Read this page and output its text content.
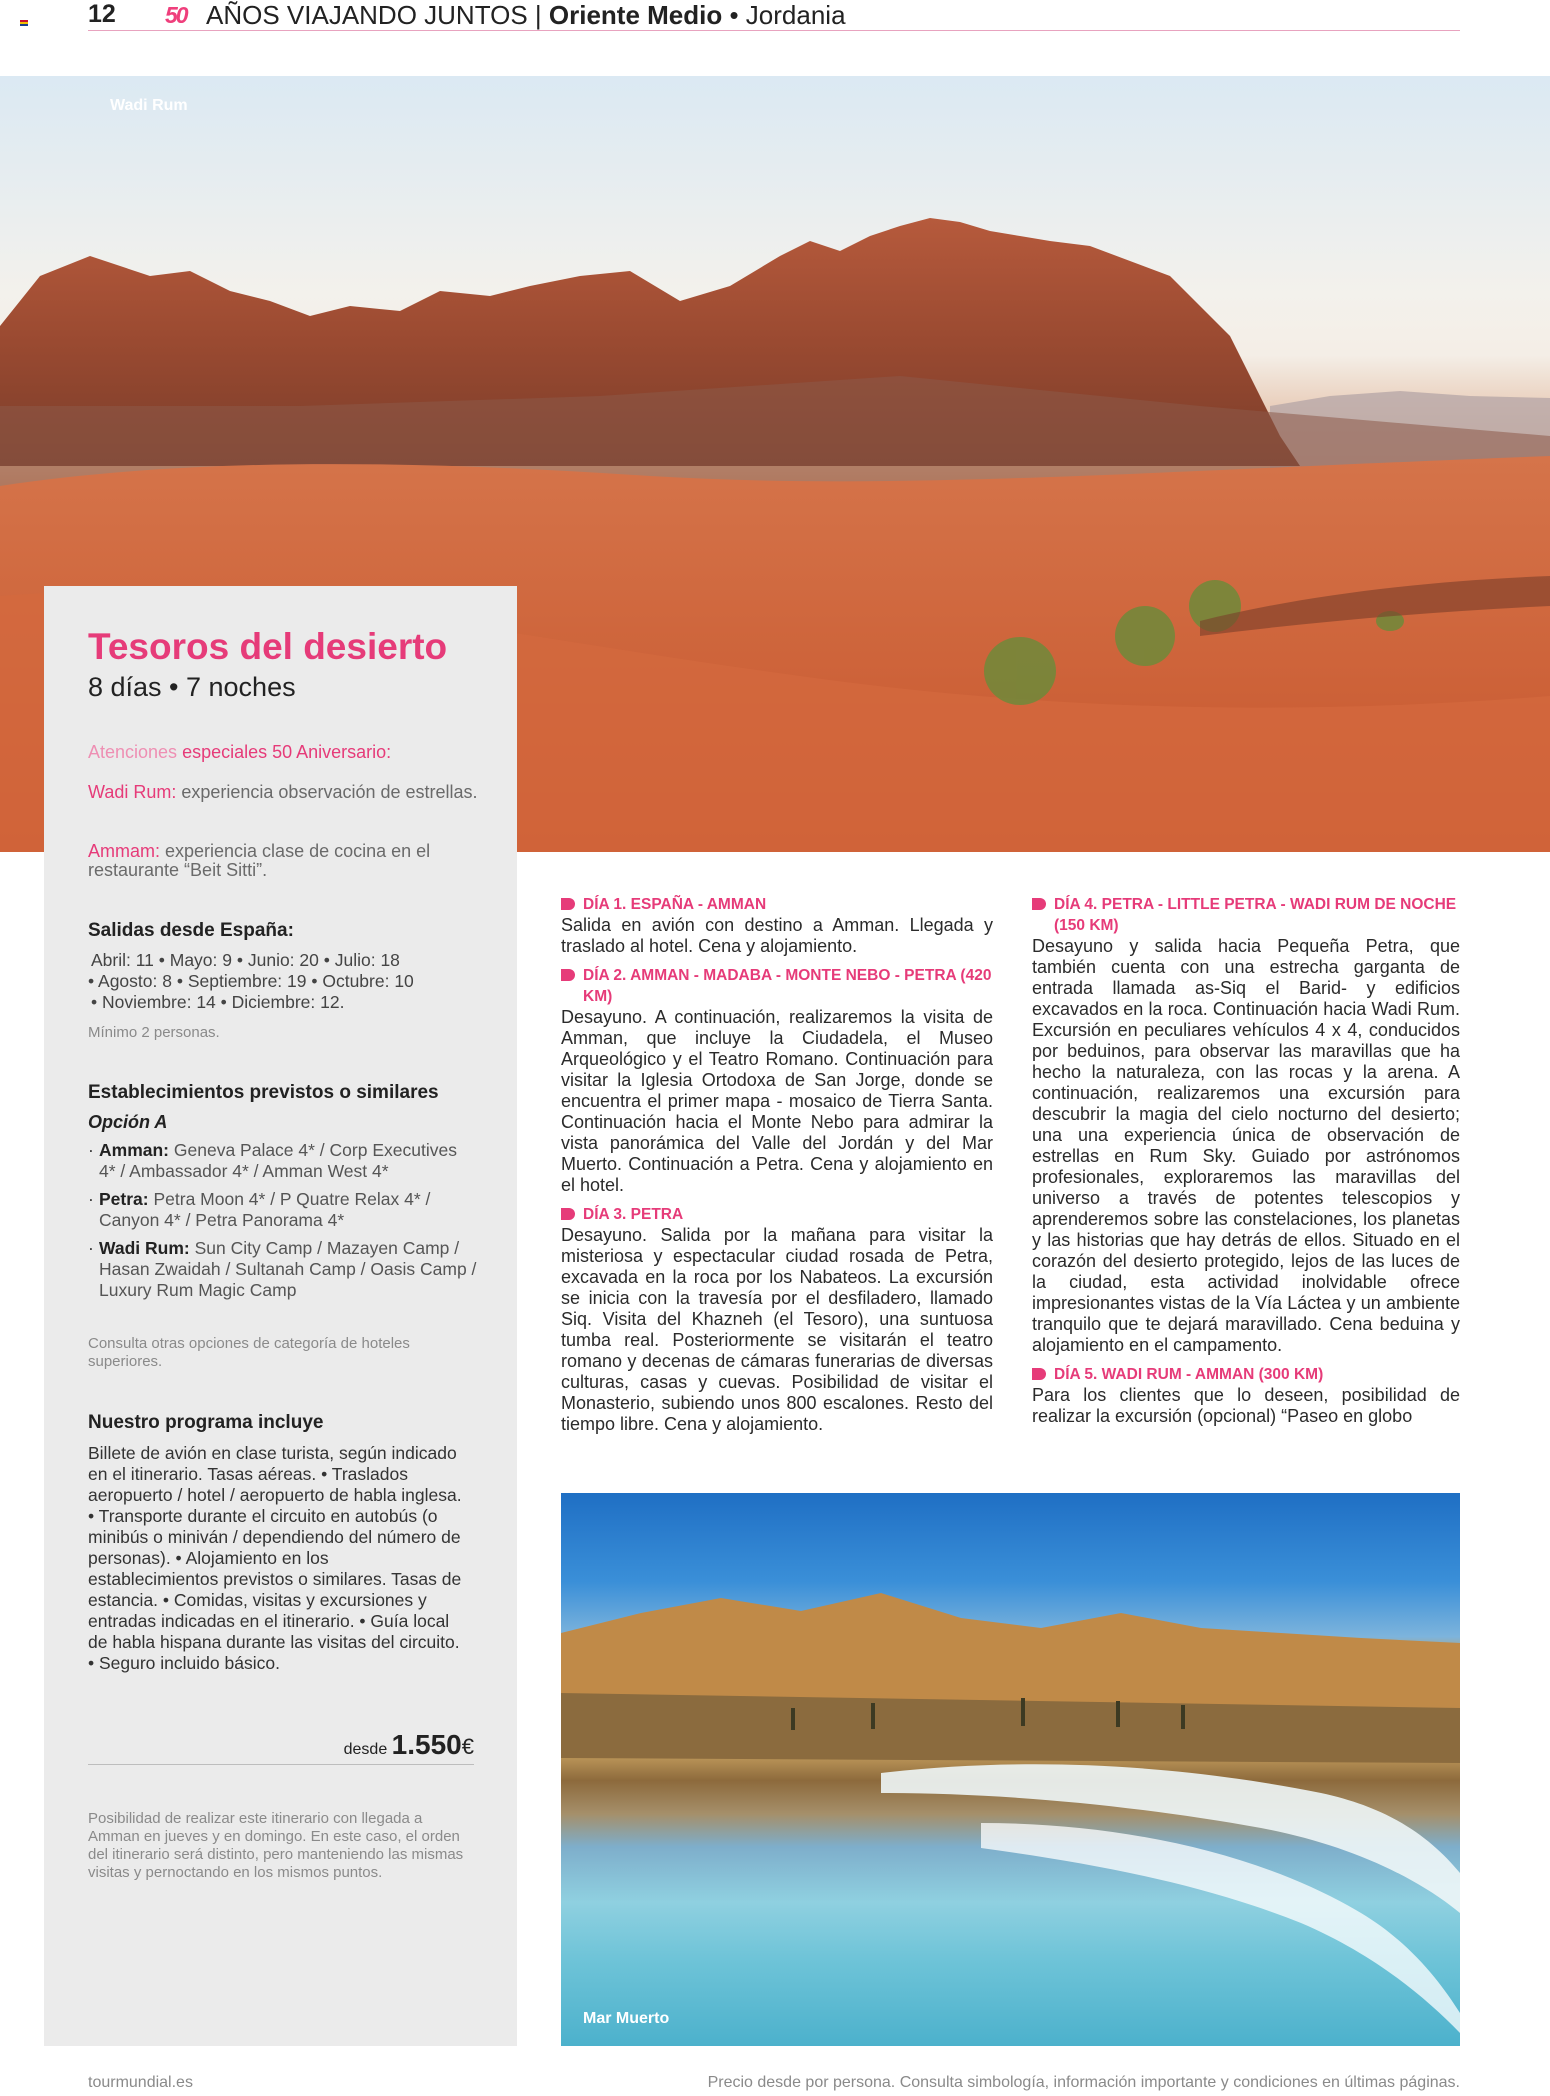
12 50 AÑOS VIAJANDO JUNTOS | Oriente Medio • Jordania
Wadi Rum
Tesoros del desierto
8 días • 7 noches
Atenciones especiales 50 Aniversario:
Wadi Rum: experiencia observación de estrellas.
Ammam: experiencia clase de cocina en el restaurante “Beit Sitti”.
Salidas desde España:
Abril: 11 • Mayo: 9 • Junio: 20 • Julio: 18
• Agosto: 8 • Septiembre: 19 • Octubre: 10
• Noviembre: 14 • Diciembre: 12.
Mínimo 2 personas.
Establecimientos previstos o similares
Opción A
· Amman: Geneva Palace 4* / Corp Executives 4* / Ambassador 4* / Amman West 4*
· Petra: Petra Moon 4* / P Quatre Relax 4* / Canyon 4* / Petra Panorama 4*
· Wadi Rum: Sun City Camp / Mazayen Camp / Hasan Zwaidah / Sultanah Camp / Oasis Camp / Luxury Rum Magic Camp
Consulta otras opciones de categoría de hoteles superiores.
Nuestro programa incluye
Billete de avión en clase turista, según indicado en el itinerario. Tasas aéreas. • Traslados aeropuerto / hotel / aeropuerto de habla inglesa. • Transporte durante el circuito en autobús (o minibús o miniván / dependiendo del número de personas). • Alojamiento en los establecimientos previstos o similares. Tasas de estancia. • Comidas, visitas y excursiones y entradas indicadas en el itinerario. • Guía local de habla hispana durante las visitas del circuito. • Seguro incluido básico.
desde 1.550€
Posibilidad de realizar este itinerario con llegada a Amman en jueves y en domingo. En este caso, el orden del itinerario será distinto, pero manteniendo las mismas visitas y pernoctando en los mismos puntos.
DÍA 1. ESPAÑA - AMMAN
Salida en avión con destino a Amman. Llegada y traslado al hotel. Cena y alojamiento.
DÍA 2. AMMAN - MADABA - MONTE NEBO - PETRA (420 KM)
Desayuno. A continuación, realizaremos la visita de Amman, que incluye la Ciudadela, el Museo Arqueológico y el Teatro Romano. Continuación para visitar la Iglesia Ortodoxa de San Jorge, donde se encuentra el primer mapa - mosaico de Tierra Santa. Continuación hacia el Monte Nebo para admirar la vista panorámica del Valle del Jordán y del Mar Muerto. Continuación a Petra. Cena y alojamiento en el hotel.
DÍA 3. PETRA
Desayuno. Salida por la mañana para visitar la misteriosa y espectacular ciudad rosada de Petra, excavada en la roca por los Nabateos. La excursión se inicia con la travesía por el desfiladero, llamado Siq. Visita del Khazneh (el Tesoro), una suntuosa tumba real. Posteriormente se visitarán el teatro romano y decenas de cámaras funerarias de diversas culturas, casas y cuevas. Posibilidad de visitar el Monasterio, subiendo unos 800 escalones. Resto del tiempo libre. Cena y alojamiento.
DÍA 4. PETRA - LITTLE PETRA - WADI RUM DE NOCHE (150 KM)
Desayuno y salida hacia Pequeña Petra, que también cuenta con una estrecha garganta de entrada llamada as-Siq el Barid- y edificios excavados en la roca. Continuación hacia Wadi Rum. Excursión en peculiares vehículos 4 x 4, conducidos por beduinos, para observar las maravillas que ha hecho la naturaleza, con las rocas y la arena. A continuación, realizaremos una excursión para descubrir la magia del cielo nocturno del desierto; una una experiencia única de observación de estrellas en Rum Sky. Guiado por astrónomos profesionales, exploraremos las maravillas del universo a través de potentes telescopios y aprenderemos sobre las constelaciones, los planetas y las historias que hay detrás de ellos. Situado en el corazón del desierto protegido, lejos de las luces de la ciudad, esta actividad inolvidable ofrece impresionantes vistas de la Vía Láctea y un ambiente tranquilo que te dejará maravillado. Cena beduina y alojamiento en el campamento.
DÍA 5. WADI RUM - AMMAN (300 KM)
Para los clientes que lo deseen, posibilidad de realizar la excursión (opcional) “Paseo en globo
Mar Muerto
tourmundial.es	Precio desde por persona. Consulta simbología, información importante y condiciones en últimas páginas.
